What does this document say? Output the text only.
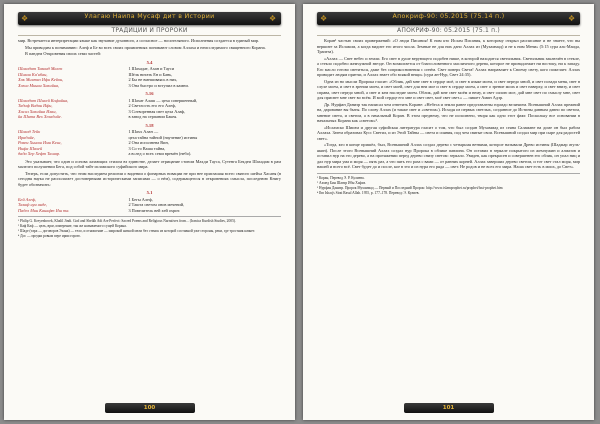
❖	Улагаю Наипа Мусаф дит в Истории	❖
ТРАДИЦИИ И ПРОРОКИ

мир. Встречается интерпретации языке как звучание духовного, а согласное — носителяного. Исполнения создается в единый мир.

Мы приводим к пониманию: Алеф и Бе во всех своих проявлениях понимают словом Аллаха и неисследимого священного Корана.

В пандем Откровения своих семи частей:

5.4
Шахадат Таванд Малек
Шихан Ка'ибан,
Хак Минтиз Ифи Кейон,
Хазил Минан Хакийна,
1 Шахадат, Ахан и Тауси
Шёлк нитать Ен и Бань,
2 Бы не вмешиваясь в них,
3 Она быстро и вступил в камни.
5.16
Шахадат Шихей Кофийна,
Тадиф Видан Ифи,
Хасил Хакийна Ихан,
йа Шита Вех Хехадийе.
1 Шахат Алаш — цеха совершенный,
2 Светлость его его Алеф,
3 Сотворенная свет цеха Алаф,
в завод на серпании Бакея.
5.18
Шахад Тейк
Ирадийе,
Равен Хинаш Ими Кенг,
Нифа Шахей
дада Хер Хефт Ташар.
1 Шахх Алан —
цеха тайна тайной (научение) истины
2 Она исполнена Вин,
3 Со то Ваша тайна,
а вслед о всех семи времён (небо).

Это указывает, что один и основа лазающих стилом вэ единстве, делает отрицание стоном Махди Тауса, Сутенга Бекдеи Шахадам в рам малелел полушении Бега, под собой тайт исламского суфийского мира.

Теперь, если допустить, что этим наследием религии о видении о фонарных новации не при нее приглашая всего святого шейха Хасаня (в сегодня наука не располагает достоверными историческими записями — о нём), содержащегося в откровениях смысла, последнюю Книгу будет обозначить:

5.1
Бей Алеф,
Тахаф нун анде,
Падел Мин Канафт Иш та.
1 Бегы Алеф,
2 Ташта светом онов мечений,
3 Повелитель вей хей охрит.
¹ Philip G. Kreyenbroek, Khalil Jindi. God and Sheikh Adi Are Perfect: Sacred Poems and Religious Narratives from... (Iranica Kurdish Studies, 2005).
² Каф Каф — цель, враг, измерение, так же называемого сущей Корана.
³ Шаде (тара — договоров Эхана) — тело, и отношение — широкой низкой мели без стенок из которой составной уже стороны, реки, где тростник качнет.
⁴ Дос — предки ровым пере ирии горою.
100
❖	Апокриф-90: 05.2015 (75.14 п.)	❖
АПОКРИФ-90: 05.2015 (75.1 п.)

Коран¹ частью своих привержений: «О люди Писания! К ним кто Ислам Писания, к которому открыл расписание и не знаете, что вы вершите за Исламом, а когда видите его итого числа. Земные не для них дано Аллах из (Мухаммад) и не к ним Мени» (5:15 сура аль-Маида, Трапеза).

«Аллах — Свет небес и земли. Его свет в душе верующего подобен нише, в которой находится светильник. Светильник заключён в стекле, а стекло подобно жемчужной звезде. Он возжигается от благословенного масличного дерева, которое не принадлежит ни востоку, ни к западу. Его масло готово светиться, даже без соприкосновения с огнём. Свет поверх Света! Аллах направляет к Своему свету, кого пожелает. Аллах приводит людям притчи, и Аллах знает обо всякой вещи» (сура ан-Нур, Свет 24:35).

Одна из но мысли Пророка гласит: «Облик, дай мне свет в сердце моё, и свет в языке моем, и свет передо мной, и свет позади меня, свет в слухе моем, и свет в зрении моем, и свет моей, свет для неи мое и свет в сердце моем, а свет о зрение моих и свет наверху, и свет внизу, и свет справа, свет передо мной, а свет и кем наследие моем. Облик, дай мне свет моём и нему, и свет силою мое, дай мне свет по смыслу мне, свет для присвет мне свет во всём. И мой сердце его мне и свет свет, моё свет свет.» — пишет Амин Адэр.

Др. Нурфан Даниэр так написал чем ответить Коране: «Небеса и земли ранее представлены гораздо величием. Всевышний Аллах прежний на, дарование вы быты. По слову Аллах (и также свет и «светом»). Исходя из первых светлых, созданное до Истины давным давно по светом, мнение света, и светом, а в начальный Коран. В этом преднему, что не исполнено, творя как одно этот факт. Поскольку все основании в начальных Корана как «светом»².

«Исламско Шиизм и другая суфийская литература гласит о том, что был создан Мухаммад из сеяна Саламане на доме он был рабом Аллаха. Затем образовал Кусс Светил, и из Этой Тайны — света и сияния, под чем святые свои. Всевышний создал мир при сыре для радостей свет».

«Тогда, кто в конце пришёл, был, Всевышний Аллах создал дерево с четырьмя ветвями, которое называли Древо истины (Шаджар атуль-якин). После этого Всевышний Аллах создал нур Пророка в облике павлина. Он оставил в зеркале покрытого из жемчужин и алмазов и оставил нур на это дерево, а на протяжении перед дерево снизу светом: зеркало. Увидев, как прекрасен и совершенен его облик, он упал ниц и дал нур мира ума и моря — пять раз, а что пять его раза с вами — от ранних корней. Аллах завершил дерево светом, и тот свет стал моря, мир нашей и всего всё. Свет будет до и после, кое в это и из нура его ряда — свет. Не родов и не всех его мира. Наша свет есть в моих, до Свет».

¹ Коран, Перевод Э. Р. Кулиева.
² Ахмед Бин Шагир Ибн Хафиз.
³ Нурфан Даниэр. Пророк Мухаммад — Первый и Последний Пророк: http://www.islamprophet.ru/prophet/fast-prophet.htm
⁴ Ibn Ishaq's Sirat Rasul Allah. 1955, p. 177–178. Перевод: Э. Кулиев.
101
